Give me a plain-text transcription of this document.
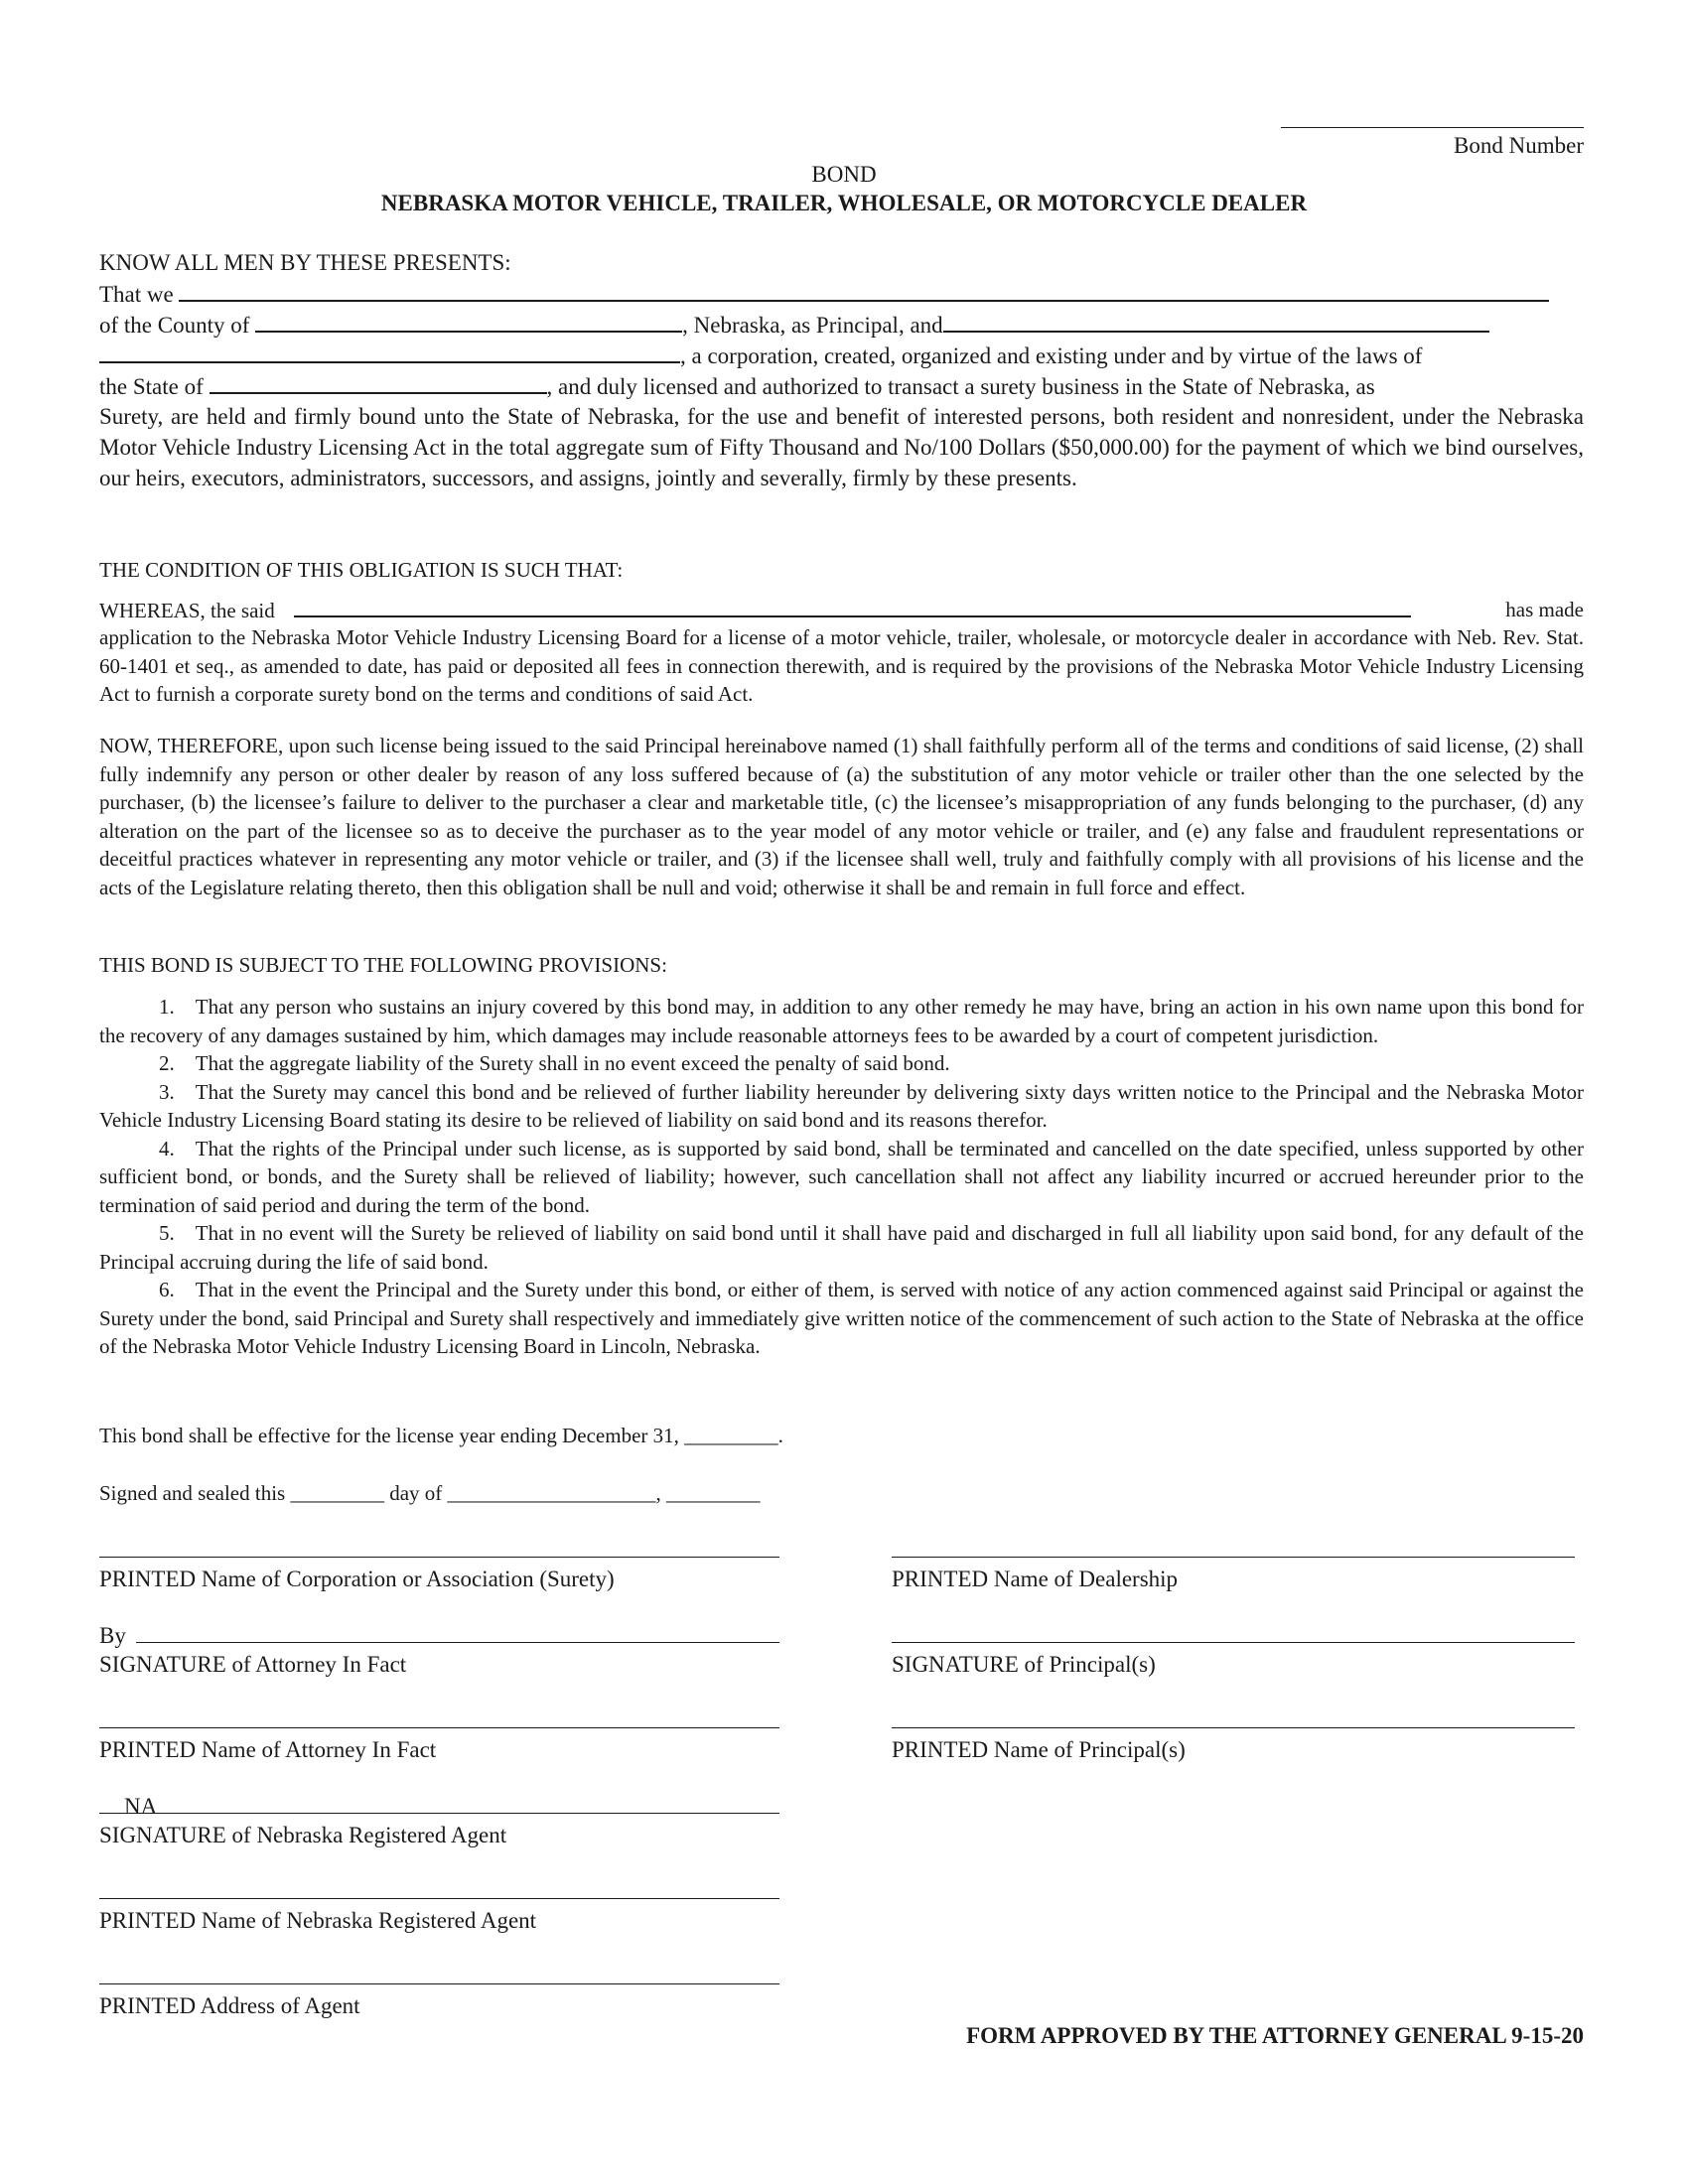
Bond Number
BOND
NEBRASKA MOTOR VEHICLE, TRAILER, WHOLESALE, OR MOTORCYCLE DEALER
KNOW ALL MEN BY THESE PRESENTS:
That we
of the County of	, Nebraska, as Principal, and
, a corporation, created, organized and existing under and by virtue of the laws of
the State of	, and duly licensed and authorized to transact a surety business in the State of Nebraska, as
Surety, are held and firmly bound unto the State of Nebraska, for the use and benefit of interested persons, both resident and nonresident, under the Nebraska Motor Vehicle Industry Licensing Act in the total aggregate sum of Fifty Thousand and No/100 Dollars ($50,000.00) for the payment of which we bind ourselves, our heirs, executors, administrators, successors, and assigns, jointly and severally, firmly by these presents.
THE CONDITION OF THIS OBLIGATION IS SUCH THAT:
WHEREAS, the said	has made
application to the Nebraska Motor Vehicle Industry Licensing Board for a license of a motor vehicle, trailer, wholesale, or motorcycle dealer in accordance with Neb. Rev. Stat. 60-1401 et seq., as amended to date, has paid or deposited all fees in connection therewith, and is required by the provisions of the Nebraska Motor Vehicle Industry Licensing Act to furnish a corporate surety bond on the terms and conditions of said Act.
NOW, THEREFORE, upon such license being issued to the said Principal hereinabove named (1) shall faithfully perform all of the terms and conditions of said license, (2) shall fully indemnify any person or other dealer by reason of any loss suffered because of (a) the substitution of any motor vehicle or trailer other than the one selected by the purchaser, (b) the licensee’s failure to deliver to the purchaser a clear and marketable title, (c) the licensee’s misappropriation of any funds belonging to the purchaser, (d) any alteration on the part of the licensee so as to deceive the purchaser as to the year model of any motor vehicle or trailer, and (e) any false and fraudulent representations or deceitful practices whatever in representing any motor vehicle or trailer, and (3) if the licensee shall well, truly and faithfully comply with all provisions of his license and the acts of the Legislature relating thereto, then this obligation shall be null and void; otherwise it shall be and remain in full force and effect.
THIS BOND IS SUBJECT TO THE FOLLOWING PROVISIONS:

1. That any person who sustains an injury covered by this bond may, in addition to any other remedy he may have, bring an action in his own name upon this bond for the recovery of any damages sustained by him, which damages may include reasonable attorneys fees to be awarded by a court of competent jurisdiction.

2. That the aggregate liability of the Surety shall in no event exceed the penalty of said bond.

3. That the Surety may cancel this bond and be relieved of further liability hereunder by delivering sixty days written notice to the Principal and the Nebraska Motor Vehicle Industry Licensing Board stating its desire to be relieved of liability on said bond and its reasons therefor.

4. That the rights of the Principal under such license, as is supported by said bond, shall be terminated and cancelled on the date specified, unless supported by other sufficient bond, or bonds, and the Surety shall be relieved of liability; however, such cancellation shall not affect any liability incurred or accrued hereunder prior to the termination of said period and during the term of the bond.

5. That in no event will the Surety be relieved of liability on said bond until it shall have paid and discharged in full all liability upon said bond, for any default of the Principal accruing during the life of said bond.

6. That in the event the Principal and the Surety under this bond, or either of them, is served with notice of any action commenced against said Principal or against the Surety under the bond, said Principal and Surety shall respectively and immediately give written notice of the commencement of such action to the State of Nebraska at the office of the Nebraska Motor Vehicle Industry Licensing Board in Lincoln, Nebraska.

This bond shall be effective for the license year ending December 31, _________.
Signed and sealed this _________ day of ____________________, _________
PRINTED Name of Corporation or Association (Surety)
By
SIGNATURE of Attorney In Fact
PRINTED Name of Attorney In Fact
NA
SIGNATURE of Nebraska Registered Agent
PRINTED Name of Nebraska Registered Agent
PRINTED Address of Agent
PRINTED Name of Dealership
SIGNATURE of Principal(s)
PRINTED Name of Principal(s)
FORM APPROVED BY THE ATTORNEY GENERAL 9-15-20
